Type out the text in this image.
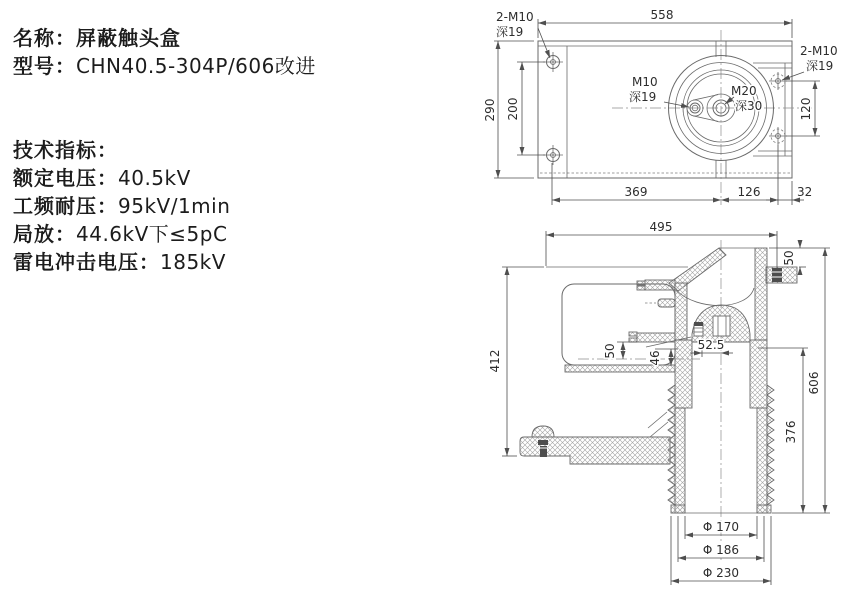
名称：屏蔽触头盒
型号：CHN40.5-304P/606改进
技术指标：
额定电压：40.5kV
工频耐压：95kV/1min
局放：44.6kV下≤5pC
雷电冲击电压：185kV
558
290 200	120
369	126	32
2-M10
深19
2-M10
深19
M10
深19	M20
深30
495
50
412	50	46
52.5
606
376
Φ 170
Φ 186
Φ 230
